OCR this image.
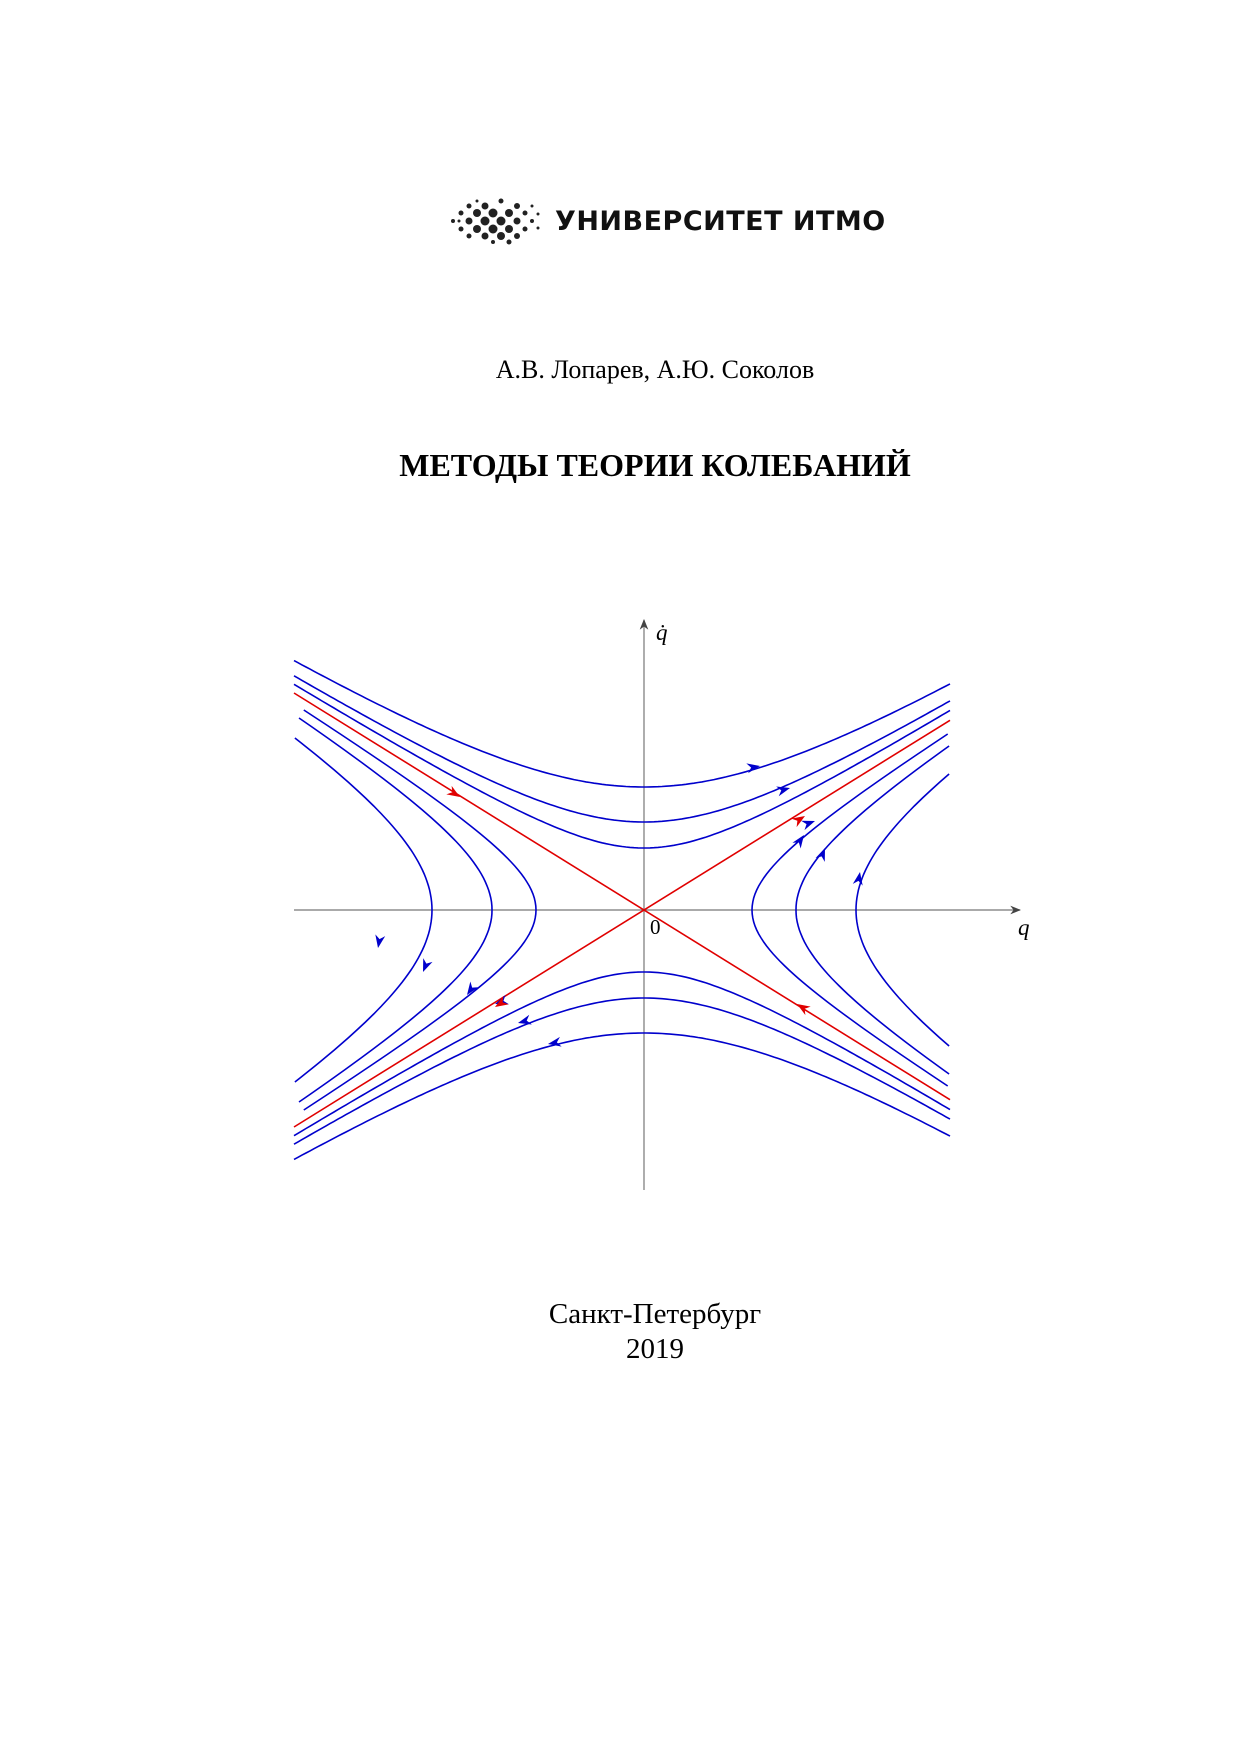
УНИВЕРСИТЕТ ИТМО
А.В. Лопарев, А.Ю. Соколов
МЕТОДЫ ТЕОРИИ КОЛЕБАНИЙ
q
q̇
0
Санкт-Петербург
2019
